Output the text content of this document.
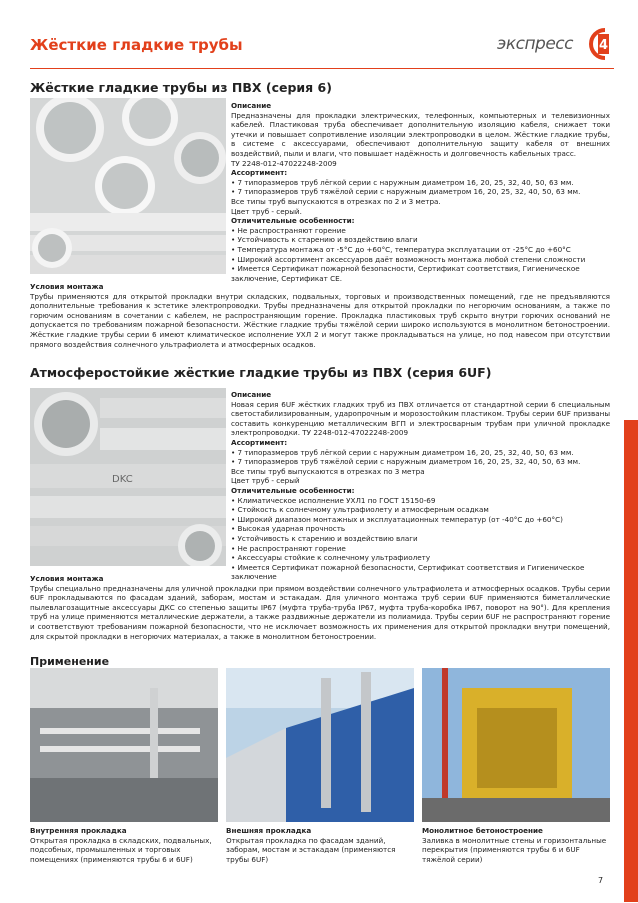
Жёсткие гладкие трубы	экспресс 4
Жёсткие гладкие трубы из ПВХ (серия 6)

Описание

Предназначены для прокладки электрических, телефонных, компьютерных и телевизионных кабелей. Пластиковая труба обеспечивает дополнительную изоляцию кабеля, снижает токи утечки и повышает сопротивление изоляции электропроводки в целом. Жёсткие гладкие трубы, в системе с аксессуарами, обеспечивают дополнительную защиту кабеля от внешних воздействий, пыли и влаги, что повышает надёжность и долговечность кабельных трасс.

ТУ 2248-012-47022248-2009

Ассортимент:

• 7 типоразмеров труб лёгкой серии с наружным диаметром 16, 20, 25, 32, 40, 50, 63 мм.

• 7 типоразмеров труб тяжёлой серии с наружным диаметром 16, 20, 25, 32, 40, 50, 63 мм.

Все типы труб выпускаются в отрезках по 2 и 3 метра.

Цвет труб - серый.

Отличительные особенности:

• Не распространяют горение

• Устойчивость к старению и воздействию влаги

• Температура монтажа от -5°С до +60°С, температура эксплуатации от -25°С до +60°С

• Широкий ассортимент аксессуаров даёт возможность монтажа любой степени сложности

• Имеется Сертификат пожарной безопасности, Сертификат соответствия, Гигиеническое заключение, Сертификат CE.

Условия монтажа

Трубы применяются для открытой прокладки внутри складских, подвальных, торговых и производственных помещений, где не предъявляются дополнительные требования к эстетике электропроводки. Трубы предназначены для открытой прокладки по негорючим основаниям, а также по горючим основаниям в сочетании с кабелем, не распространяющим горение. Прокладка пластиковых труб скрыто внутри горючих оснований не допускается по требованиям пожарной безопасности. Жёсткие гладкие трубы тяжёлой серии широко используются в монолитном бетоностроении. Жёсткие гладкие трубы серии 6 имеют климатическое исполнение УХЛ 2 и могут также прокладываться на улице, но под навесом при отсутствии прямого воздействия солнечного ультрафиолета и атмосферных осадков.

Атмосферостойкие жёсткие гладкие трубы из ПВХ (серия 6UF)
DKC

Описание

Новая серия 6UF жёстких гладких труб из ПВХ отличается от стандартной серии 6 специальным светостабилизированным, ударопрочным и морозостойким пластиком. Трубы серии 6UF призваны составить конкуренцию металлическим ВГП и электросварным трубам при уличной прокладке электропроводки. ТУ 2248-012-47022248-2009

Ассортимент:

• 7 типоразмеров труб лёгкой серии с наружным диаметром 16, 20, 25, 32, 40, 50, 63 мм.

• 7 типоразмеров труб тяжёлой серии с наружным диаметром 16, 20, 25, 32, 40, 50, 63 мм.

Все типы труб выпускаются в отрезках по 3 метра

Цвет труб - серый

Отличительные особенности:

• Климатическое исполнение УХЛ1 по ГОСТ 15150-69

• Стойкость к солнечному ультрафиолету и атмосферным осадкам

• Широкий диапазон монтажных и эксплуатационных температур (от -40°С до +60°С)

• Высокая ударная прочность

• Устойчивость к старению и воздействию влаги

• Не распространяют горение

• Аксессуары стойкие к солнечному ультрафиолету

• Имеется Сертификат пожарной безопасности, Сертификат соответствия и Гигиеническое заключение

Условия монтажа

Трубы специально предназначены для уличной прокладки при прямом воздействии солнечного ультрафиолета и атмосферных осадков. Трубы серии 6UF прокладываются по фасадам зданий, заборам, мостам и эстакадам. Для уличного монтажа труб серии 6UF применяются биметаллические пылевлагозащитные аксессуары ДКС со степенью защиты IP67 (муфта труба-труба IP67, муфта труба-коробка IP67, поворот на 90°). Для крепления труб на улице применяются металлические держатели, а также раздвижные держатели из полиамида. Трубы серии 6UF не распространяют горение и соответствуют требованиям пожарной безопасности, что не исключает возможность их применения для открытой прокладки внутри помещений, для скрытой прокладки в негорючих материалах, а также в монолитном бетоностроении.

Применение

Внутренняя прокладка

Открытая прокладка в складских, подвальных, подсобных, промышленных и торговых помещениях (применяются трубы 6 и 6UF)

Внешняя прокладка

Открытая прокладка по фасадам зданий, заборам, мостам и эстакадам (применяются трубы 6UF)

Монолитное бетоностроение

Заливка в монолитные стены и горизонтальные перекрытия (применяются трубы 6 и 6UF тяжёлой серии)

7
